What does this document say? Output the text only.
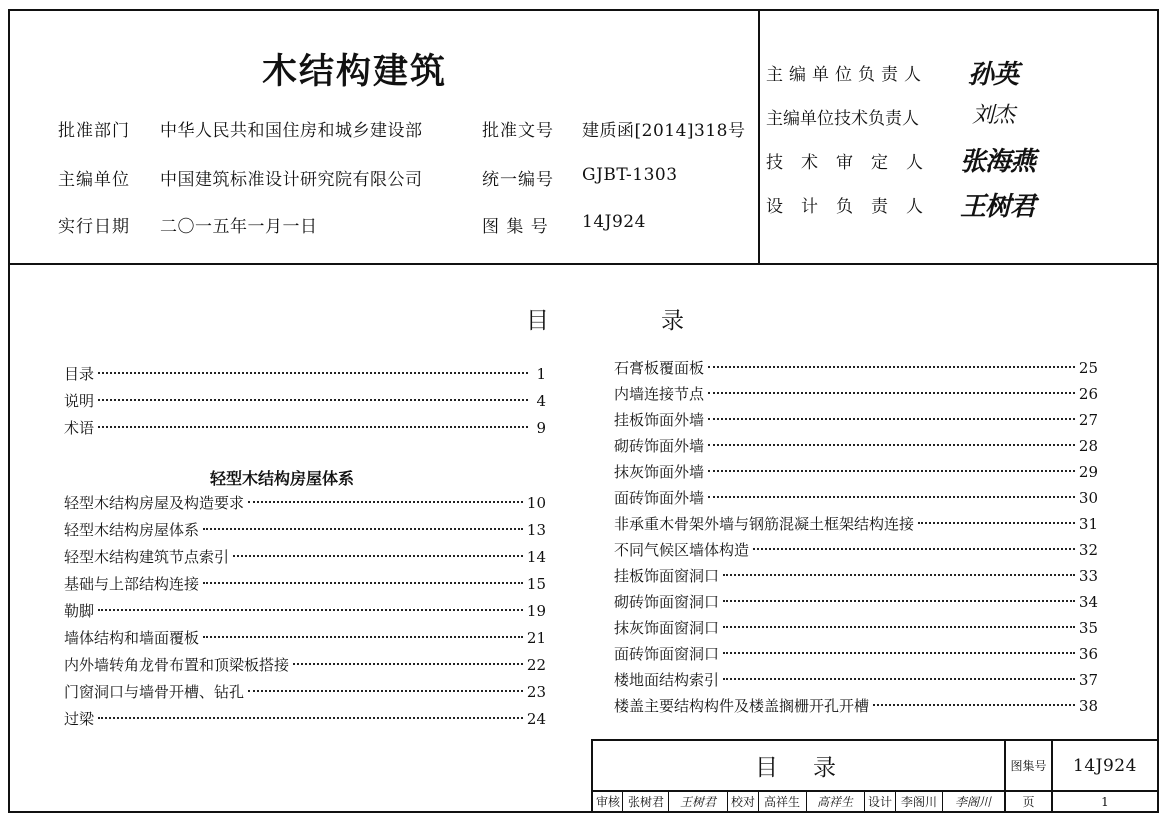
木结构建筑
批准部门 中华人民共和国住房和城乡建设部	批准文号 建质函[2014]318号
主编单位 中国建筑标准设计研究院有限公司	统一编号 GJBT-1303
实行日期 二〇一五年一月一日	图 集 号 14J924
主编单位负责人	孙英
主编单位技术负责人 刘杰
技术审定人 张海燕
设计负责人 王树君
目　　　　录
目录	1
说明	4
术语	9
轻型木结构房屋体系
轻型木结构房屋及构造要求	10
轻型木结构房屋体系	13
轻型木结构建筑节点索引	14
基础与上部结构连接	15
勒脚	19
墙体结构和墙面覆板	21
内外墙转角龙骨布置和顶梁板搭接	22
门窗洞口与墙骨开槽、钻孔	23
过梁	24
石膏板覆面板	25
内墙连接节点	26
挂板饰面外墙	27
砌砖饰面外墙	28
抹灰饰面外墙	29
面砖饰面外墙	30
非承重木骨架外墙与钢筋混凝土框架结构连接	31
不同气候区墙体构造	32
挂板饰面窗洞口	33
砌砖饰面窗洞口	34
抹灰饰面窗洞口	35
面砖饰面窗洞口	36
楼地面结构索引	37
楼盖主要结构构件及楼盖搁栅开孔开槽	38
目　录	图集号	14J924
页	1
审核 张树君	王树君	校对 高祥生	高祥生	设计 李阁川	李阁川
